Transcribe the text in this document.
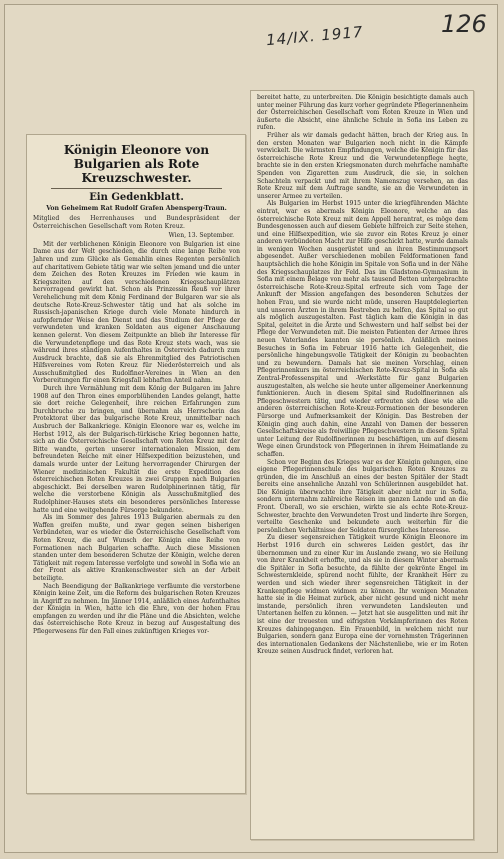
14/IX. 1917	126
Königin Eleonore von Bulgarien als Rote Kreuzschwester.
Ein Gedenkblatt.
Von Geheimem Rat Rudolf Grafen Abensperg-Traun.
Mitglied des Herrenhauses und Bundespräsident der Österreichischen Gesellschaft vom Roten Kreuz.
Wien, 13. September.

Mit der verblichenen Königin Eleonore von Bulgarien ist eine Dame aus der Welt geschieden, die durch eine lange Reihe von Jahren und zum Glücke als Gemahlin eines Regenten persönlich auf charitativem Gebiete tätig war wie selten jemand und die unter dem Zeichen des Roten Kreuzes im Frieden wie kaum in Kriegszeiten auf den verschiedenen Kriegsschauplätzen hervorragend gewirkt hat. Schon als Prinzessin Reuß vor ihrer Verehelichung mit dem König Ferdinand der Bulgaren war sie als deutsche Rote-Kreuz-Schwester tätig und hat als solche im Russisch-japanischen Kriege durch viele Monate hindurch in aufopfernder Weise den Dienst und das Studium der Pflege der verwundeten und kranken Soldaten aus eigener Anschauung kennen gelernt. Von diesem Zeitpunkte an blieb ihr Interesse für die Verwundetenpflege und das Rote Kreuz stets wach, was sie während ihres ständigen Aufenthaltes in Österreich dadurch zum Ausdruck brachte, daß sie als Ehrenmitglied des Patriotischen Hilfsvereines vom Roten Kreuz für Niederösterreich und als Ausschußmitglied des Rudolfiner-Vereines in Wien an den Vorbereitungen für einen Kriegsfall lebhaften Anteil nahm.

Durch ihre Vermählung mit dem König der Bulgaren im Jahre 1908 auf den Thron eines emporblühenden Landes gelangt, hatte sie dort reiche Gelegenheit, ihre reichen Erfahrungen zum Durchbruche zu bringen, und übernahm als Herrscherin das Protektorat über das bulgarische Rote Kreuz, unmittelbar nach Ausbruch der Balkankriege. Königin Eleonore war es, welche im Herbst 1912, als der Bulgarisch-türkische Krieg begonnen hatte, sich an die Österreichische Gesellschaft vom Roten Kreuz mit der Bitte wandte, gerten unserer internationalen Mission, dem befreundeten Reiche mit einer Hilfsexpedition beizustehen, und damals wurde unter der Leitung hervorragender Chirurgen der Wiener medizinischen Fakultät die erste Expedition des österreichischen Roten Kreuzes in zwei Gruppen nach Bulgarien abgeschickt. Bei derselben waren Rudolphinerinnen tätig, für welche die verstorbene Königin als Ausschußmitglied des Rudolphiner-Hauses stets ein besonderes persönliches Interesse hatte und eine weitgehende Fürsorge bekundete.

Als im Sommer des Jahres 1913 Bulgarien abermals zu den Waffen greifen mußte, und zwar gegen seinen bisherigen Verbündeten, war es wieder die Österreichische Gesellschaft vom Roten Kreuz, die auf Wunsch der Königin eine Reihe von Formationen nach Bulgarien schaffte. Auch diese Missionen standen unter dem besonderen Schutze der Königin, welche deren Tätigkeit mit regem Interesse verfolgte und sowohl in Sofia wie an der Front als aktive Krankenschwester sich an der Arbeit beteiligte.

Nach Beendigung der Balkankriege verfäumte die verstorbene Königin keine Zeit, um die Reform des bulgarischen Roten Kreuzes in Angriff zu nehmen. Im Jänner 1914, anläßlich eines Aufenthaltes der Königin in Wien, hatte ich die Ehre, von der hohen Frau empfangen zu werden und ihr die Pläne und die Absichten, welche das österreichische Rote Kreuz in bezug auf Ausgestaltung des Pflegerwesens für den Fall eines zukünftigen Krieges vor-

bereitet hatte, zu unterbreiten. Die Königin besichtigte damals auch unter meiner Führung das kurz vorher gegründete Pflegerinnenheim der Österreichischen Gesellschaft vom Roten Kreuze in Wien und äußerte die Absicht, eine ähnliche Schule in Sofia ins Leben zu rufen.

Früher als wir damals gedacht hätten, brach der Krieg aus. In den ersten Monaten war Bulgarien noch nicht in die Kämpfe verwickelt. Die wärmsten Empfindungen, welche die Königin für das österreichische Rote Kreuz und die Verwundetenpflege hegte, brachte sie in den ersten Kriegsmonaten durch mehrfache namhafte Spenden von Zigaretten zum Ausdruck, die sie, in solchen Schachteln verpackt und mit ihrem Namenszug versehen, an das Rote Kreuz mit dem Auftrage sandte, sie an die Verwundeten in unserer Armee zu verteilen.

Als Bulgarien im Herbst 1915 unter die kriegführenden Mächte eintrat, war es abermals Königin Eleonore, welche an das österreichische Rote Kreuz mit dem Appell herantrat, es möge dem Bundesgenossen auch auf diesem Gebiete hilfreich zur Seite stehen, und eine Hilfsexpedition, wie sie zuvor ein Rotes Kreuz je einer anderen verbündeten Macht zur Hilfe geschickt hatte, wurde damals in wenigen Wochen ausgerüstet und an ihren Bestimmungsort abgesendet. Außer verschiedenen mobilen Feldformationen fand hauptsächlich die hohe Königin im Spitale von Sofia und in der Nähe des Kriegsschauplatzes ihr Feld. Das im Gladstone-Gymnasium in Sofia mit einem Belage von mehr als tausend Betten untergebrachte österreichische Rote-Kreuz-Spital erfreute sich vom Tage der Ankunft der Mission angefangen des besonderen Schutzes der hohen Frau, und sie wurde nicht müde, unseren Hauptdelegierten und unseren Ärzten in ihrem Bestreben zu helfen, das Spital so gut als möglich auszugestalten. Fast täglich kam die Königin in das Spital, geleitet in die Ärzte und Schwestern und half selbst bei der Pflege der Verwundeten mit. Die meisten Patienten der Armee ihres neuen Vaterlandes kannten sie persönlich. Anläßlich meines Besuches in Sofia im Februar 1916 hatte ich Gelegenheit, die persönliche hingebungsvolle Tätigkeit der Königin zu beobachten und zu bewundern. Damals hat sie meinen Vorschlag, einen Pflegerinnenkurs im österreichischen Rote-Kreuz-Spital in Sofia als Zentral-Professenspital und -Werkstätte für ganz Bulgarien auszugestalten, als welche sie heute unter allgemeiner Anerkennung funktionieren. Auch in diesem Spital sind Rudolfinerinnen als Pflegeschwestern tätig, und wieder erfreuten sich diese wie alle anderen österreichischen Rote-Kreuz-Formationen der besonderen Fürsorge und Aufmerksamkeit der Königin. Das Bestreben der Königin ging auch dahin, eine Anzahl von Damen der besseren Gesellschaftskreise als freiwillige Pflegeschwestern in diesem Spital unter Leitung der Rudolfinerinnen zu beschäftigen, um auf diesem Wege einen Grundstock von Pflegerinnen in ihrem Heimatlande zu schaffen.

Schon vor Beginn des Krieges war es der Königin gelungen, eine eigene Pflegerinnenschule des bulgarischen Roten Kreuzes zu gründen, die im Anschluß an eines der besten Spitäler der Stadt bereits eine ansehnliche Anzahl von Schülerinnen ausgebildet hat. Die Königin überwachte ihre Tätigkeit aber nicht nur in Sofia, sondern unternahm zahlreiche Reisen im ganzen Lande und an die Front. Überall, wo sie erschien, wirkte sie als echte Rote-Kreuz-Schwester, brachte den Verwundeten Trost und linderte ihre Sorgen, verteilte Geschenke und bekundete auch weiterhin für die persönlichen Verhältnisse der Soldaten fürsorgliches Interesse.

Zu dieser segensreichen Tätigkeit wurde Königin Eleonore im Herbst 1916 durch ein schweres Leiden gestört, das ihr übernommen und zu einer Kur im Auslande zwang, wo sie Heilung von ihrer Krankheit erhoffte, und als sie in diesem Winter abermals die Spitäler in Sofia besuchte, da fühlte der gekrönte Engel im Schwesternkleide, spürend nocht fühlte, der Krankheit Herr zu werden und sich wieder ihrer segensreichen Tätigkeit in der Krankenpflege widmen widmen zu können. Ihr wenigen Monaten hatte sie in die Heimat zurück, aber nicht gesund und nicht mehr imstande, persönlich ihren verwundeten Landsleuten und Untertanen helfen zu können. — Jetzt hat sie ausgelitten und mit ihr ist eine der treuesten und eifrigsten Vorkämpferinnen des Roten Kreuzes dahingegangen. Ein Frauenbild, in welchem nicht nur Bulgarien, sondern ganz Europa eine der vornehmsten Trägerinnen des internationalen Gedankens der Nächstenliebe, wie er im Roten Kreuze seinen Ausdruck findet, verloren hat.
